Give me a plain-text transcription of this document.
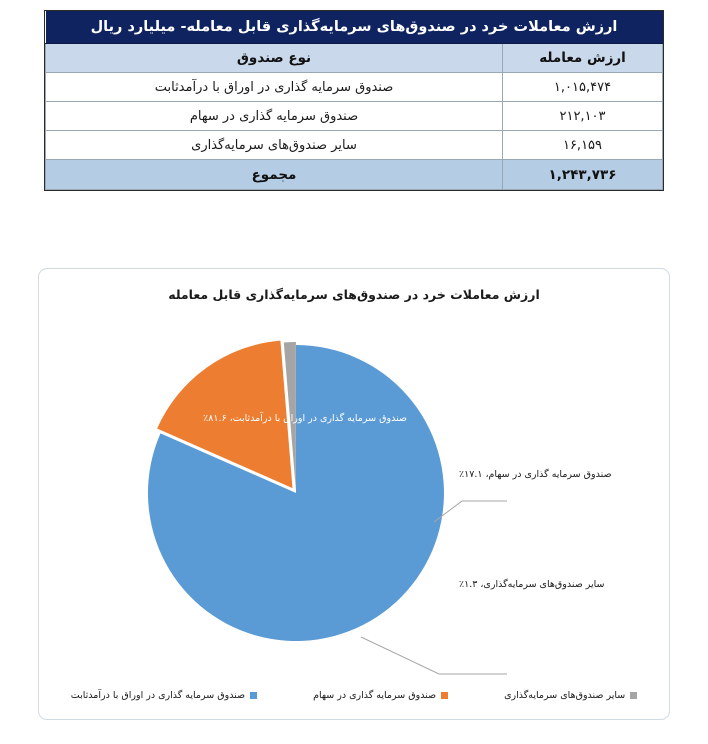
ارزش معاملات خرد در صندوق‌های سرمایه‌گذاری قابل معامله- میلیارد ریال	
ارزش معامله	نوع صندوق
۱,۰۱۵,۴۷۴	صندوق سرمایه گذاری در اوراق با درآمدثابت
۲۱۲,۱۰۳	صندوق سرمایه گذاری در سهام
۱۶,۱۵۹	سایر صندوق‌های سرمایه‌گذاری
۱,۲۴۳,۷۳۶	مجموع
ارزش معاملات خرد در صندوق‌های سرمایه‌گذاری قابل معامله
صندوق سرمایه گذاری در اوراق با درآمدثابت، ۸۱.۶٪
صندوق سرمایه گذاری در سهام، ۱۷.۱٪
سایر صندوق‌های سرمایه‌گذاری، ۱.۳٪
سایر صندوق‌های سرمایه‌گذاری
صندوق سرمایه گذاری در سهام
صندوق سرمایه گذاری در اوراق با درآمدثابت
